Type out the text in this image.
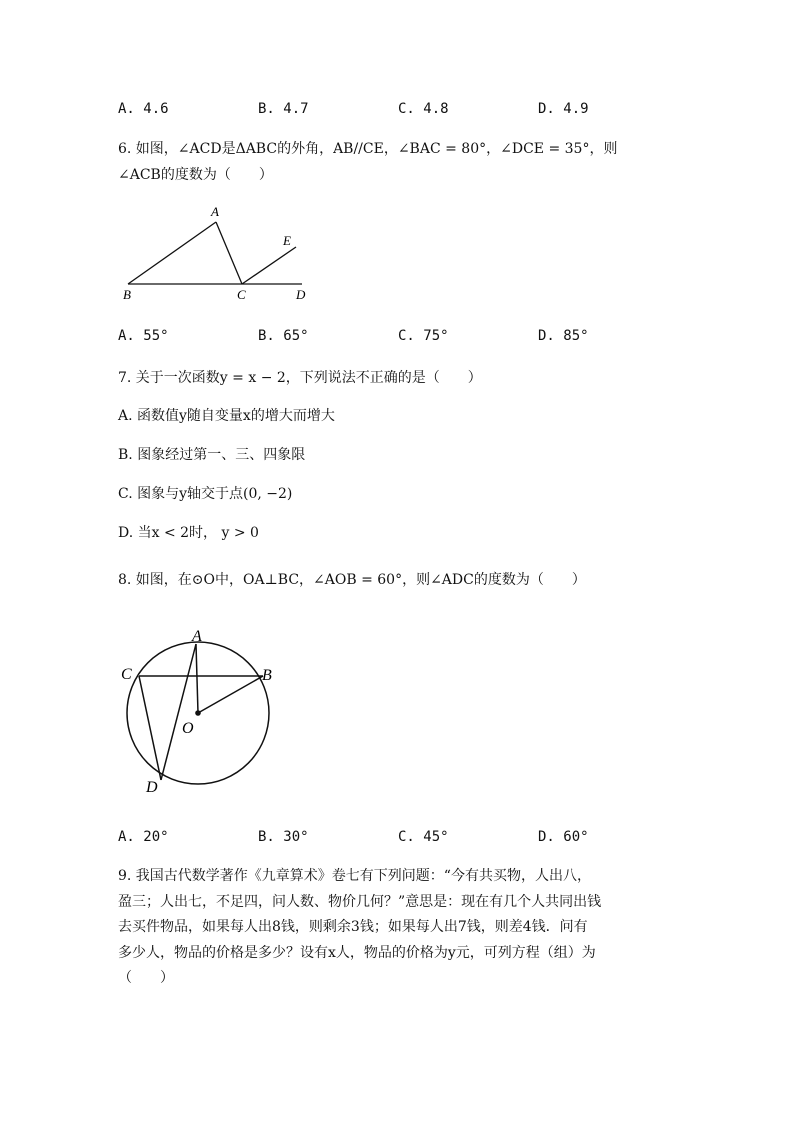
A. 4.6	B. 4.7	C. 4.8	D. 4.9
6. 如图，∠ACD是ΔABC的外角，AB//CE，∠BAC = 80°，∠DCE = 35°，则
∠ACB的度数为（　　）
A
E
B	C	D
A. 55°	B. 65°	C. 75°	D. 85°
7. 关于一次函数y = x − 2，下列说法不正确的是（　　）
A. 函数值y随自变量x的增大而增大
B. 图象经过第一、三、四象限
C. 图象与y轴交于点(0, −2)
D. 当x < 2时， y > 0
8. 如图，在⊙O中，OA⊥BC，∠AOB = 60°，则∠ADC的度数为（　　）
A
C	B
O
D
A. 20°	B. 30°	C. 45°	D. 60°
9. 我国古代数学著作《九章算术》卷七有下列问题：“今有共买物，人出八，
盈三；人出七，不足四，问人数、物价几何？”意思是：现在有几个人共同出钱
去买件物品，如果每人出8钱，则剩余3钱；如果每人出7钱，则差4钱．问有
多少人，物品的价格是多少？设有x人，物品的价格为y元，可列方程（组）为
（　　）
